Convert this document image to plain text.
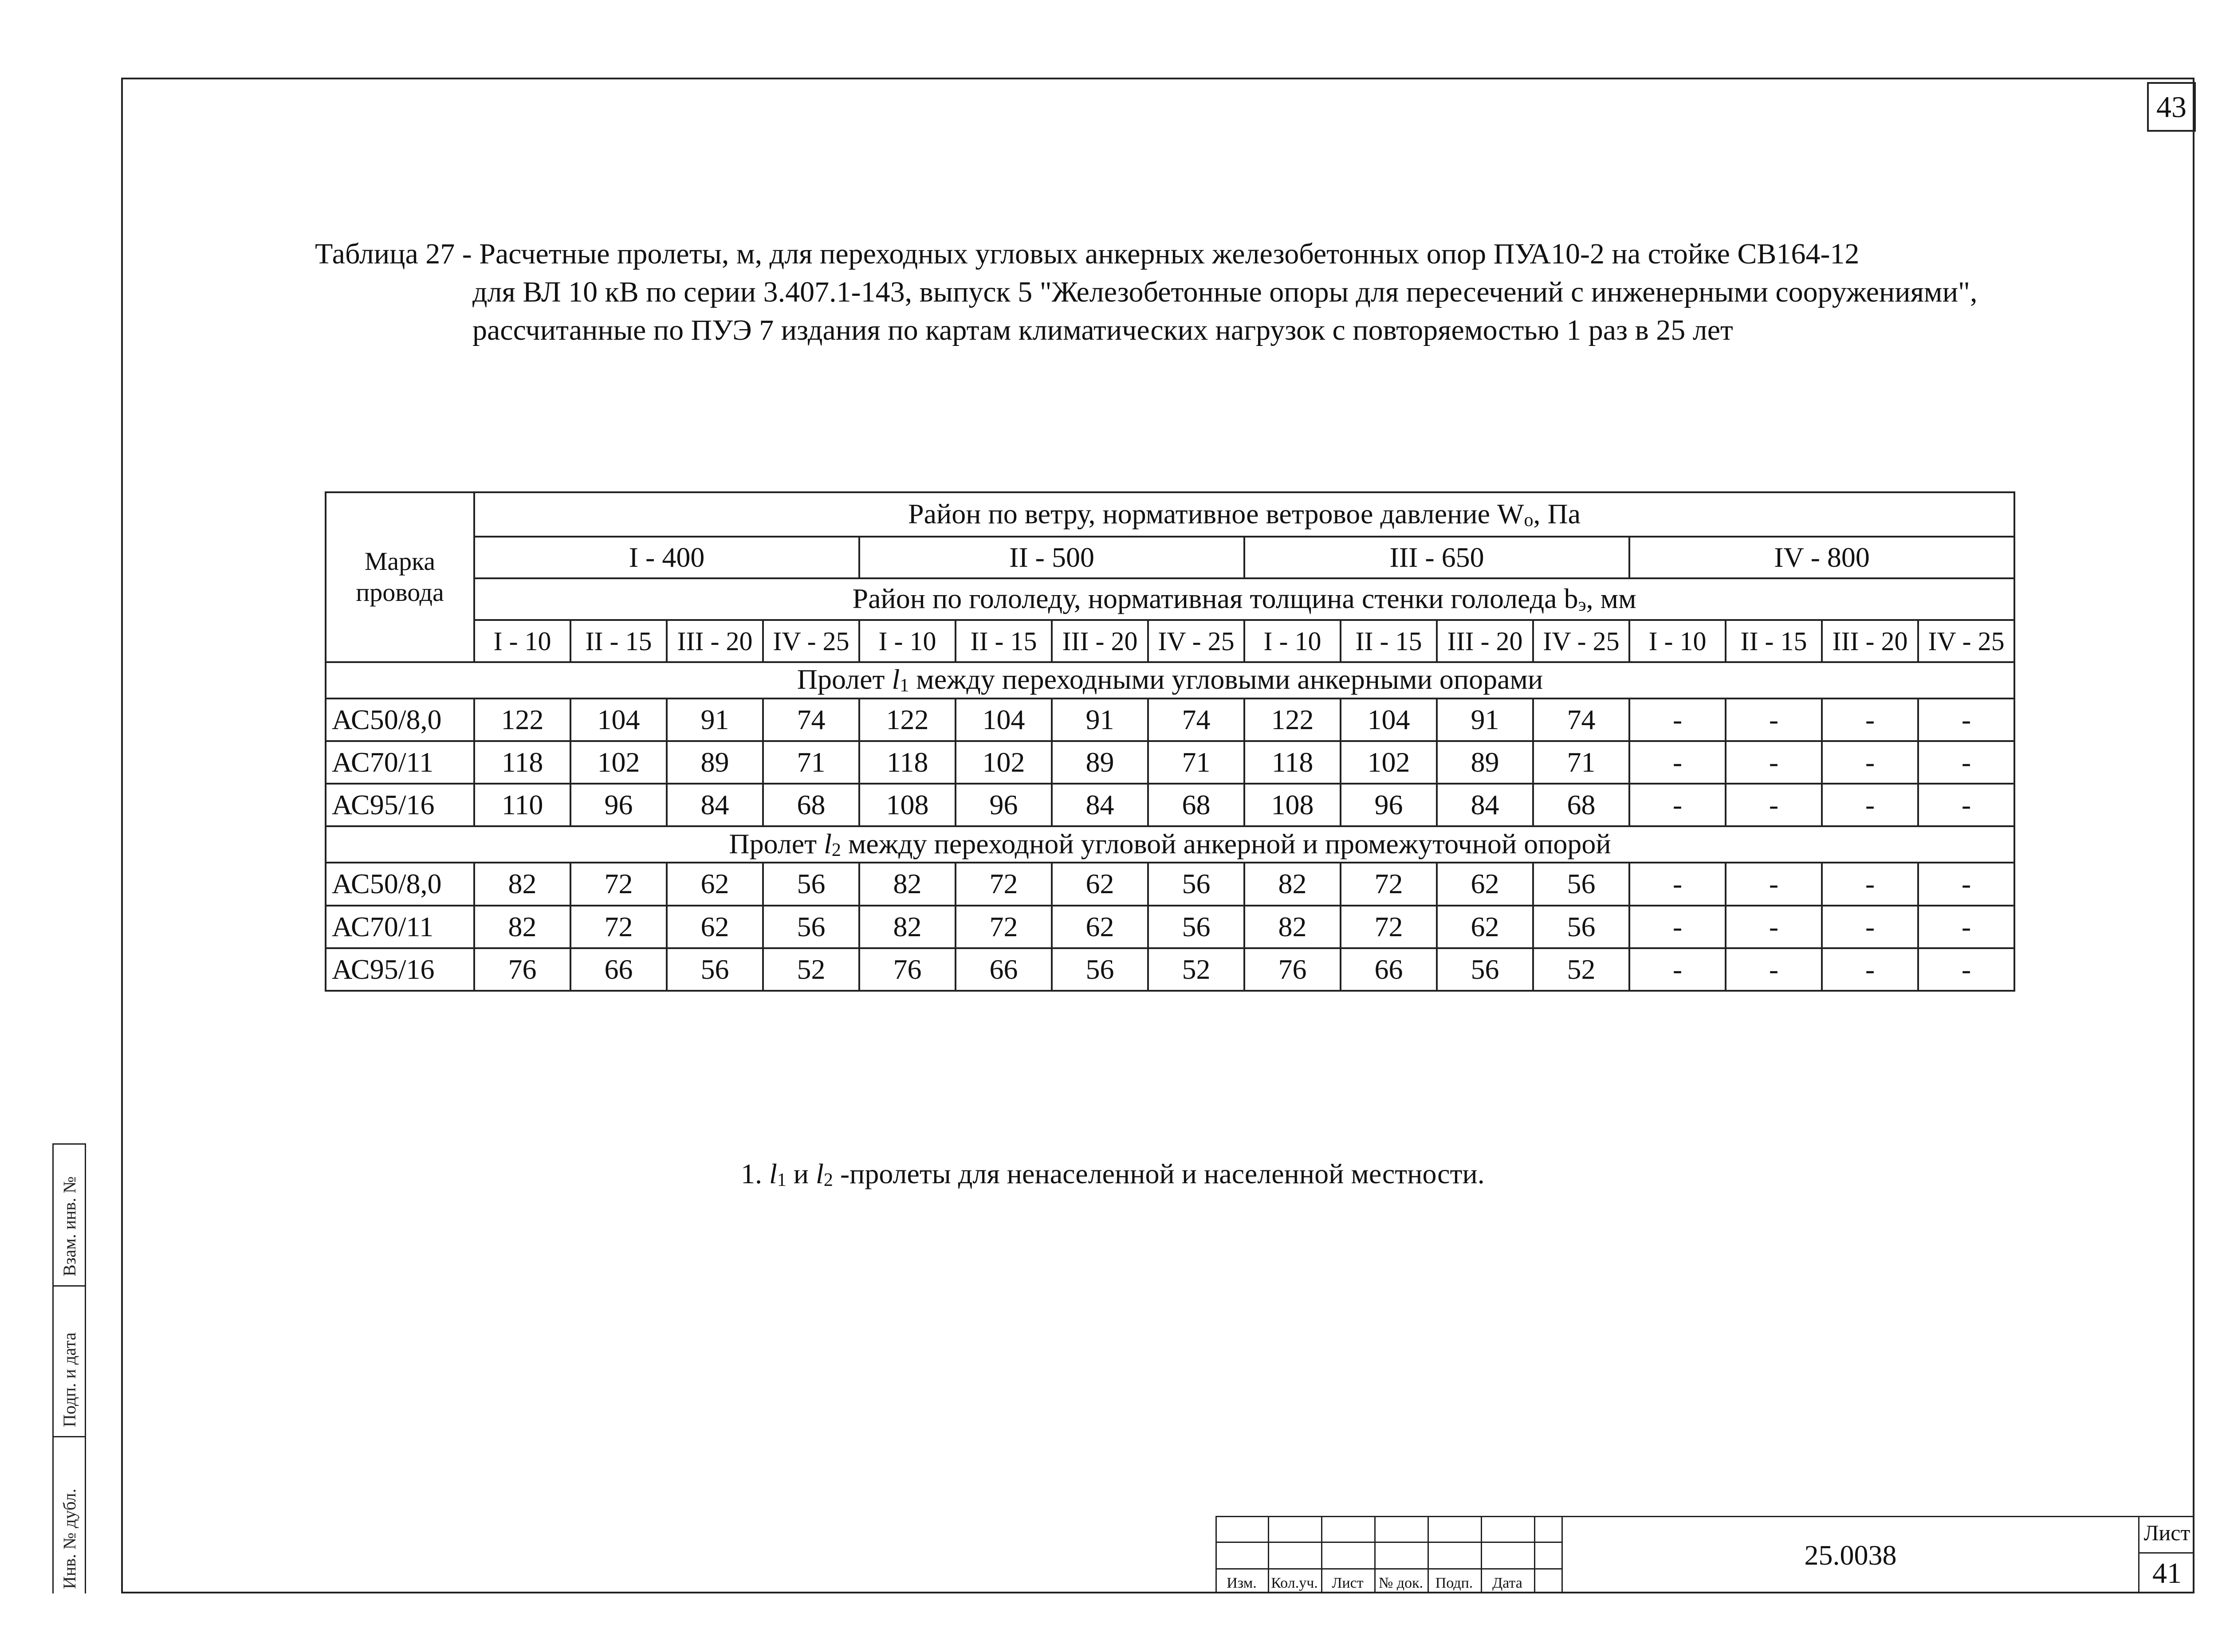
43
Таблица 27 - Расчетные пролеты, м, для переходных угловых анкерных железобетонных опор ПУА10-2 на стойке СВ164-12
для ВЛ 10 кВ по серии 3.407.1-143, выпуск 5 "Железобетонные опоры для пересечений с инженерными сооружениями",
рассчитанные по ПУЭ 7 издания по картам климатических нагрузок с повторяемостью 1 раз в 25 лет
Марка провода	Район по ветру, нормативное ветровое давление Wo, Па															
	I - 400				II - 500				III - 650				IV - 800			
	Район по гололеду, нормативная толщина стенки гололеда bэ, мм															
	I - 10	II - 15	III - 20	IV - 25	I - 10	II - 15	III - 20	IV - 25	I - 10	II - 15	III - 20	IV - 25	I - 10	II - 15	III - 20	IV - 25
Пролет l1 между переходными угловыми анкерными опорами																
АС50/8,0	122	104	91	74	122	104	91	74	122	104	91	74	-	-	-	-
АС70/11	118	102	89	71	118	102	89	71	118	102	89	71	-	-	-	-
АС95/16	110	96	84	68	108	96	84	68	108	96	84	68	-	-	-	-
Пролет l2 между переходной угловой анкерной и промежуточной опорой																
АС50/8,0	82	72	62	56	82	72	62	56	82	72	62	56	-	-	-	-
АС70/11	82	72	62	56	82	72	62	56	82	72	62	56	-	-	-	-
АС95/16	76	66	56	52	76	66	56	52	76	66	56	52	-	-	-	-
1. l1 и l2 -пролеты для ненаселенной и населенной местности.
Инв. № дубл.
Подп. и дата
Взам. инв. №
Изм. Кол.уч. Лист	№ док. Подп.	Дата
25.0038
Лист
41
